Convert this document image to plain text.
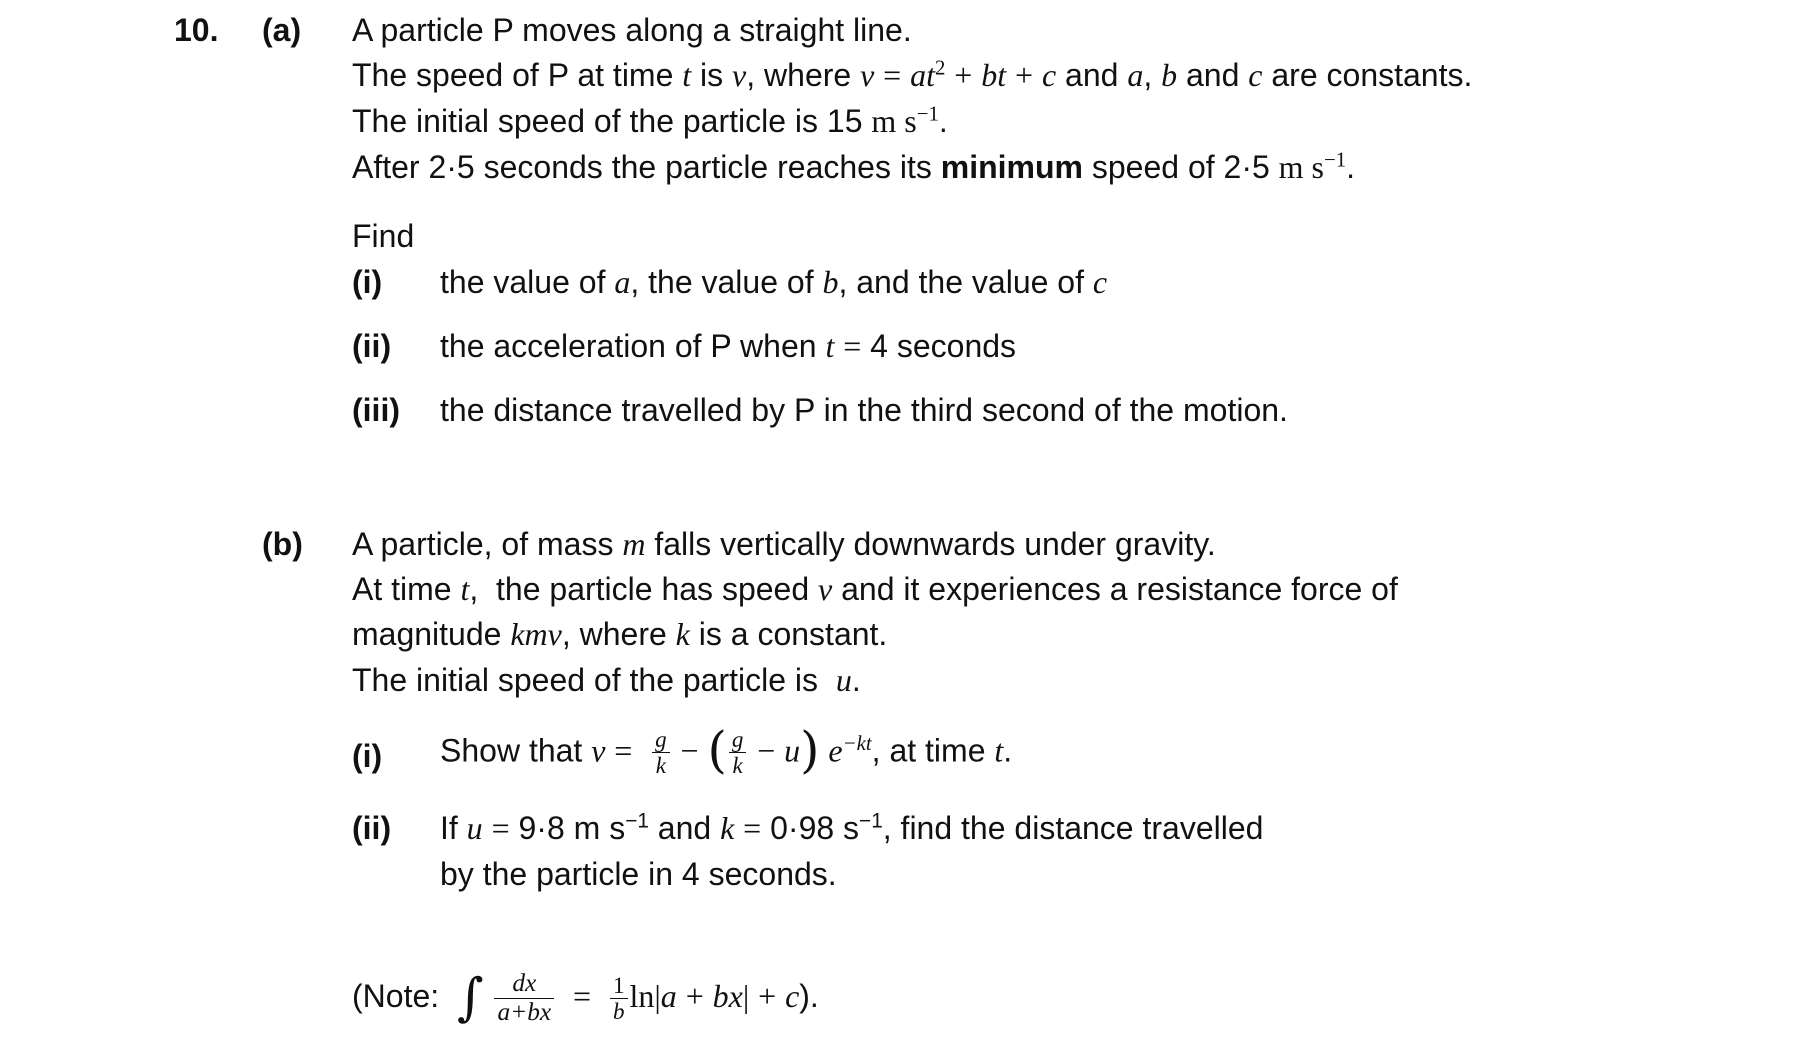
10. (a) A particle P moves along a straight line.
The speed of P at time t is v, where $v = at^2$ + bt + c and a, b and c are constants.
The initial speed of the particle is 15 m $s^{-1}$.
After 2·5 seconds the particle reaches its minimum speed of 2·5 m $s^{-1}$.
Find
(i) the value of a, the value of b, and the value of c
(ii) the acceleration of P when t = 4 seconds
(iii) the distance travelled by P in the third second of the motion.
(b) A particle, of mass m falls vertically downwards under gravity.
At time t,  the particle has speed v and it experiences a resistance force of
magnitude kmv, where k is a constant.
The initial speed of the particle is  u.
(i) Show that $v = \frac{g}{k}$ − ( $\frac{g}{k} - u$) $e^{-kt}$, at time t.
(ii) If u = 9·8 m $s^{-1}$ and k = 0·98 $s^{-1}$, find the distance travelled
by the particle in 4 seconds.
(Note:  ∫ $\frac{dx}{a+bx} = \frac{1}{b} \ln|a + bx| + c$).
